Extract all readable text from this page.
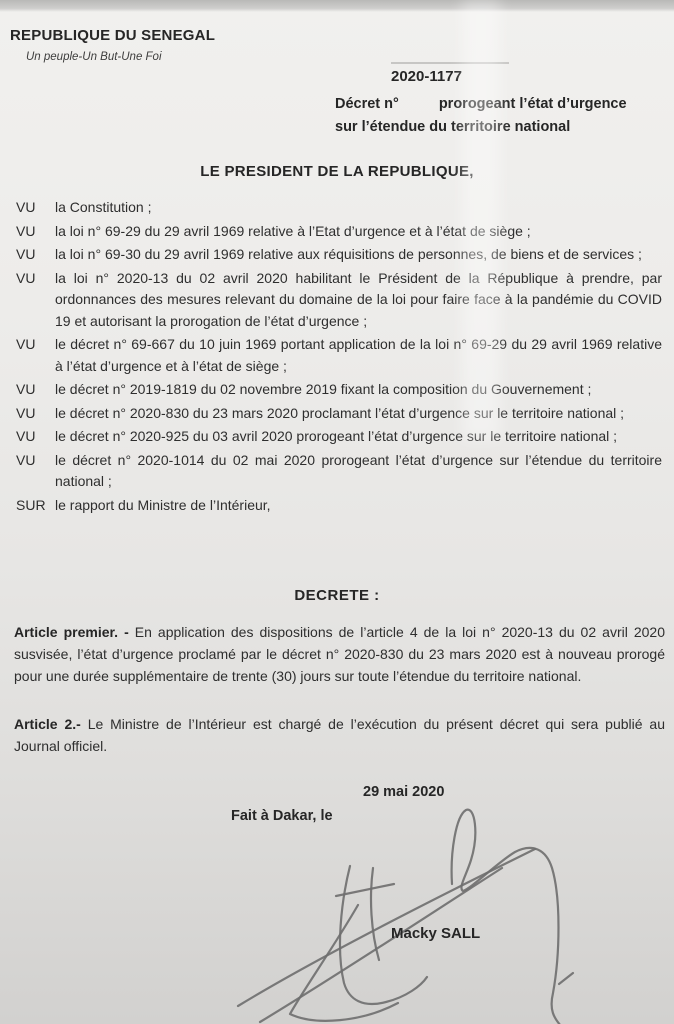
REPUBLIQUE DU SENEGAL
Un peuple-Un But-Une Foi
2020-1177
Décret n°	prorogeant l’état d’urgence
sur l’étendue du territoire national
LE PRESIDENT DE LA REPUBLIQUE,
VU	la Constitution ;
VU	la loi n° 69-29 du 29 avril 1969 relative à l’Etat d’urgence et à l’état de siège ;
VU	la loi n° 69-30 du 29 avril 1969 relative aux réquisitions de personnes, de biens et de services ;
VU	la loi n° 2020-13 du 02 avril 2020 habilitant le Président de la République à prendre, par ordonnances des mesures relevant du domaine de la loi pour faire face à la pandémie du COVID 19 et autorisant la prorogation de l’état d’urgence ;
VU	le décret n° 69-667 du 10 juin 1969 portant application de la loi n° 69-29 du 29 avril 1969 relative à l’état d’urgence et à l’état de siège ;
VU	le décret n° 2019-1819 du 02 novembre 2019 fixant la composition du Gouvernement ;
VU	le décret n° 2020-830 du 23 mars 2020 proclamant l’état d’urgence sur le territoire national ;
VU	le décret n° 2020-925 du 03 avril 2020 prorogeant l’état d’urgence sur le territoire national ;
VU	le décret n° 2020-1014 du 02 mai 2020 prorogeant l’état d’urgence sur l’étendue du territoire national ;
SUR le rapport du Ministre de l’Intérieur,
DECRETE :

Article premier. - En application des dispositions de l’article 4 de la loi n° 2020-13 du 02 avril 2020 susvisée, l’état d’urgence proclamé par le décret n° 2020-830 du 23 mars 2020 est à nouveau prorogé pour une durée supplémentaire de trente (30) jours sur toute l’étendue du territoire national.

Article 2.- Le Ministre de l’Intérieur est chargé de l’exécution du présent décret qui sera publié au Journal officiel.

29 mai 2020
Fait à Dakar, le
Macky SALL
